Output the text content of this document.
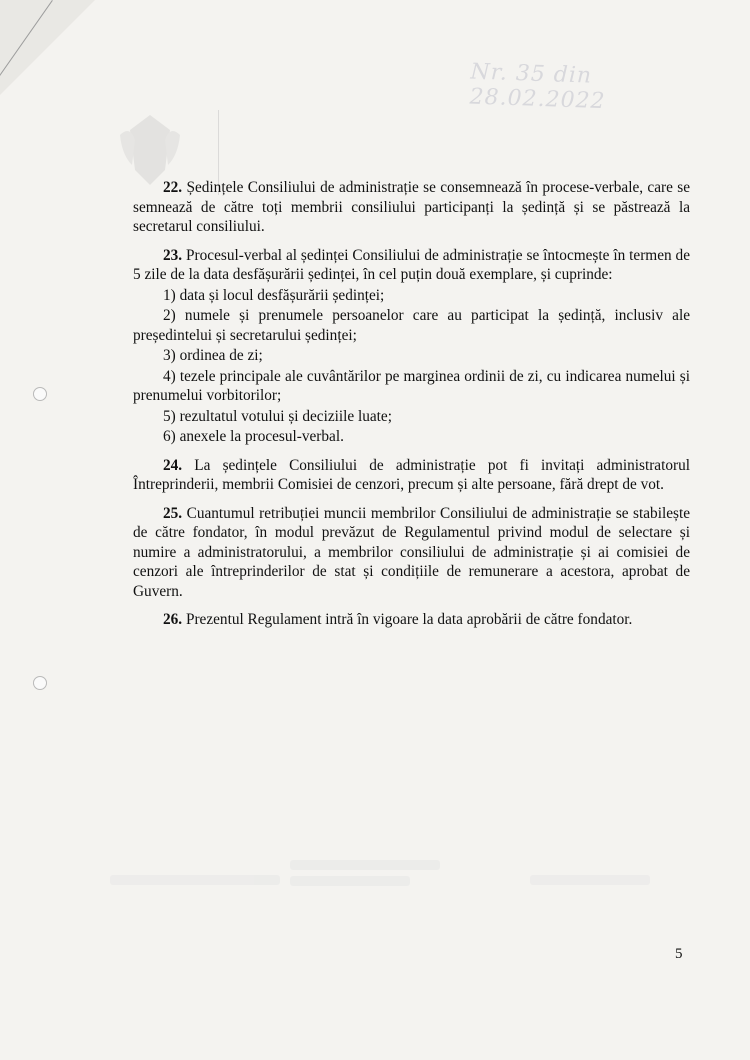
Nr. 35 din 28.02.2022

22. Ședințele Consiliului de administrație se consemnează în procese-verbale, care se semnează de către toți membrii consiliului participanți la ședință și se păstrează la secretarul consiliului.

23. Procesul-verbal al ședinței Consiliului de administrație se întocmește în termen de 5 zile de la data desfășurării ședinței, în cel puțin două exemplare, și cuprinde:

1) data și locul desfășurării ședinței;

2) numele și prenumele persoanelor care au participat la ședință, inclusiv ale președintelui și secretarului ședinței;

3) ordinea de zi;

4) tezele principale ale cuvântărilor pe marginea ordinii de zi, cu indicarea numelui și prenumelui vorbitorilor;

5) rezultatul votului și deciziile luate;

6) anexele la procesul-verbal.

24. La ședințele Consiliului de administrație pot fi invitați administratorul Întreprinderii, membrii Comisiei de cenzori, precum și alte persoane, fără drept de vot.

25. Cuantumul retribuției muncii membrilor Consiliului de administrație se stabilește de către fondator, în modul prevăzut de Regulamentul privind modul de selectare și numire a administratorului, a membrilor consiliului de administrație și ai comisiei de cenzori ale întreprinderilor de stat și condițiile de remunerare a acestora, aprobat de Guvern.

26. Prezentul Regulament intră în vigoare la data aprobării de către fondator.

5
